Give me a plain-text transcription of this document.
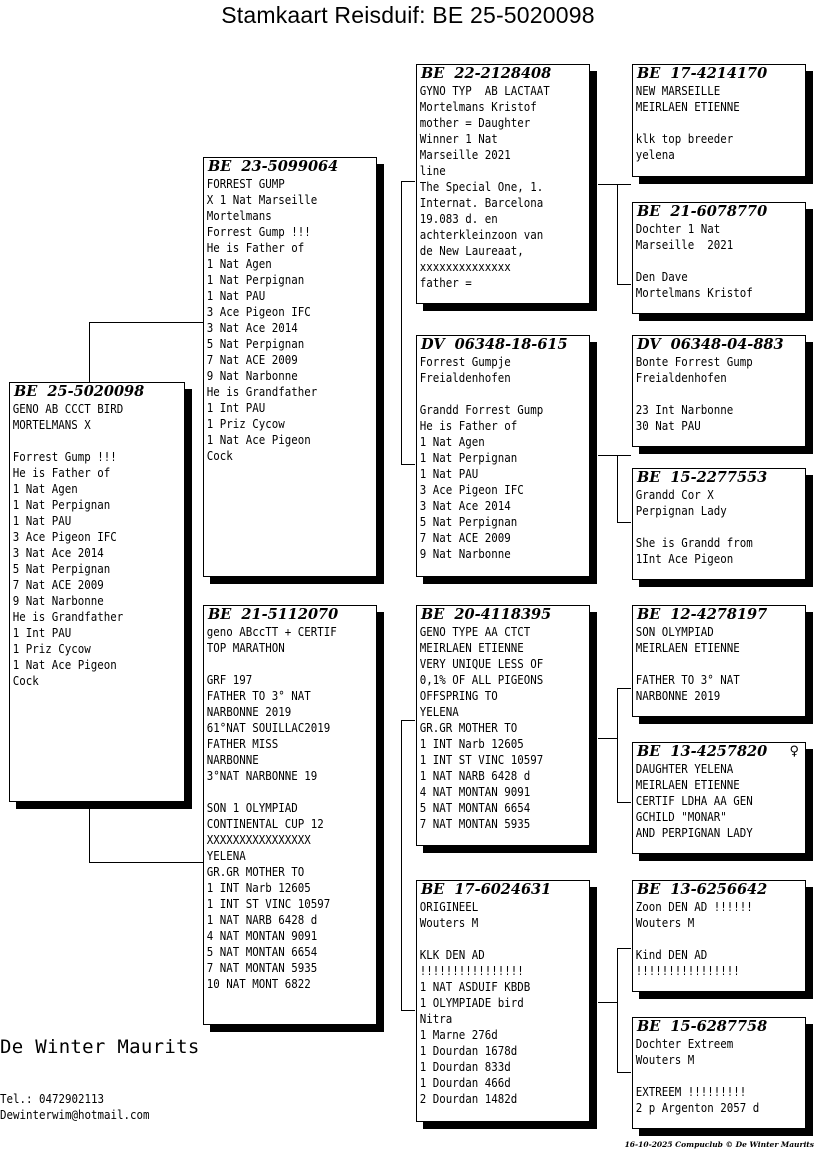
Stamkaart Reisduif: BE 25-5020098
BE  25-5020098
GENO AB CCCT BIRD
MORTELMANS X

Forrest Gump !!!
He is Father of
1 Nat Agen
1 Nat Perpignan
1 Nat PAU
3 Ace Pigeon IFC
3 Nat Ace 2014
5 Nat Perpignan
7 Nat ACE 2009
9 Nat Narbonne
He is Grandfather
1 Int PAU
1 Priz Cycow
1 Nat Ace Pigeon
Cock
BE  23-5099064
FORREST GUMP
X 1 Nat Marseille
Mortelmans
Forrest Gump !!!
He is Father of
1 Nat Agen
1 Nat Perpignan
1 Nat PAU
3 Ace Pigeon IFC
3 Nat Ace 2014
5 Nat Perpignan
7 Nat ACE 2009
9 Nat Narbonne
He is Grandfather
1 Int PAU
1 Priz Cycow
1 Nat Ace Pigeon
Cock
BE  21-5112070
geno ABccTT + CERTIF
TOP MARATHON

GRF 197
FATHER TO 3° NAT
NARBONNE 2019
61°NAT SOUILLAC2019
FATHER MISS
NARBONNE
3°NAT NARBONNE 19

SON 1 OLYMPIAD
CONTINENTAL CUP 12
XXXXXXXXXXXXXXXX
YELENA
GR.GR MOTHER TO
1 INT Narb 12605
1 INT ST VINC 10597
1 NAT NARB 6428 d
4 NAT MONTAN 9091
5 NAT MONTAN 6654
7 NAT MONTAN 5935
10 NAT MONT 6822
BE  22-2128408
GYNO TYP  AB LACTAAT
Mortelmans Kristof
mother = Daughter
Winner 1 Nat
Marseille 2021
line
The Special One, 1.
Internat. Barcelona
19.083 d. en
achterkleinzoon van
de New Laureaat,
xxxxxxxxxxxxxx
father =
DV  06348-18-615
Forrest Gumpje
Freialdenhofen

Grandd Forrest Gump
He is Father of
1 Nat Agen
1 Nat Perpignan
1 Nat PAU
3 Ace Pigeon IFC
3 Nat Ace 2014
5 Nat Perpignan
7 Nat ACE 2009
9 Nat Narbonne
BE  20-4118395
GENO TYPE AA CTCT
MEIRLAEN ETIENNE
VERY UNIQUE LESS OF
0,1% OF ALL PIGEONS
OFFSPRING TO
YELENA
GR.GR MOTHER TO
1 INT Narb 12605
1 INT ST VINC 10597
1 NAT NARB 6428 d
4 NAT MONTAN 9091
5 NAT MONTAN 6654
7 NAT MONTAN 5935
BE  17-6024631
ORIGINEEL
Wouters M

KLK DEN AD
!!!!!!!!!!!!!!!!
1 NAT ASDUIF KBDB
1 OLYMPIADE bird
Nitra
1 Marne 276d
1 Dourdan 1678d
1 Dourdan 833d
1 Dourdan 466d
2 Dourdan 1482d
BE  17-4214170
NEW MARSEILLE
MEIRLAEN ETIENNE

klk top breeder
yelena
BE  21-6078770
Dochter 1 Nat
Marseille  2021

Den Dave
Mortelmans Kristof
DV  06348-04-883
Bonte Forrest Gump
Freialdenhofen

23 Int Narbonne
30 Nat PAU
BE  15-2277553
Grandd Cor X
Perpignan Lady

She is Grandd from
1Int Ace Pigeon
BE  12-4278197
SON OLYMPIAD
MEIRLAEN ETIENNE

FATHER TO 3° NAT
NARBONNE 2019
BE  13-4257820 ♀
DAUGHTER YELENA
MEIRLAEN ETIENNE
CERTIF LDHA AA GEN
GCHILD "MONAR"
AND PERPIGNAN LADY
BE  13-6256642
Zoon DEN AD !!!!!!
Wouters M

Kind DEN AD
!!!!!!!!!!!!!!!!
BE  15-6287758
Dochter Extreem
Wouters M

EXTREEM !!!!!!!!!
2 p Argenton 2057 d
De Winter Maurits
Tel.: 0472902113
Dewinterwim@hotmail.com
16-10-2025 Compuclub © De Winter Maurits
